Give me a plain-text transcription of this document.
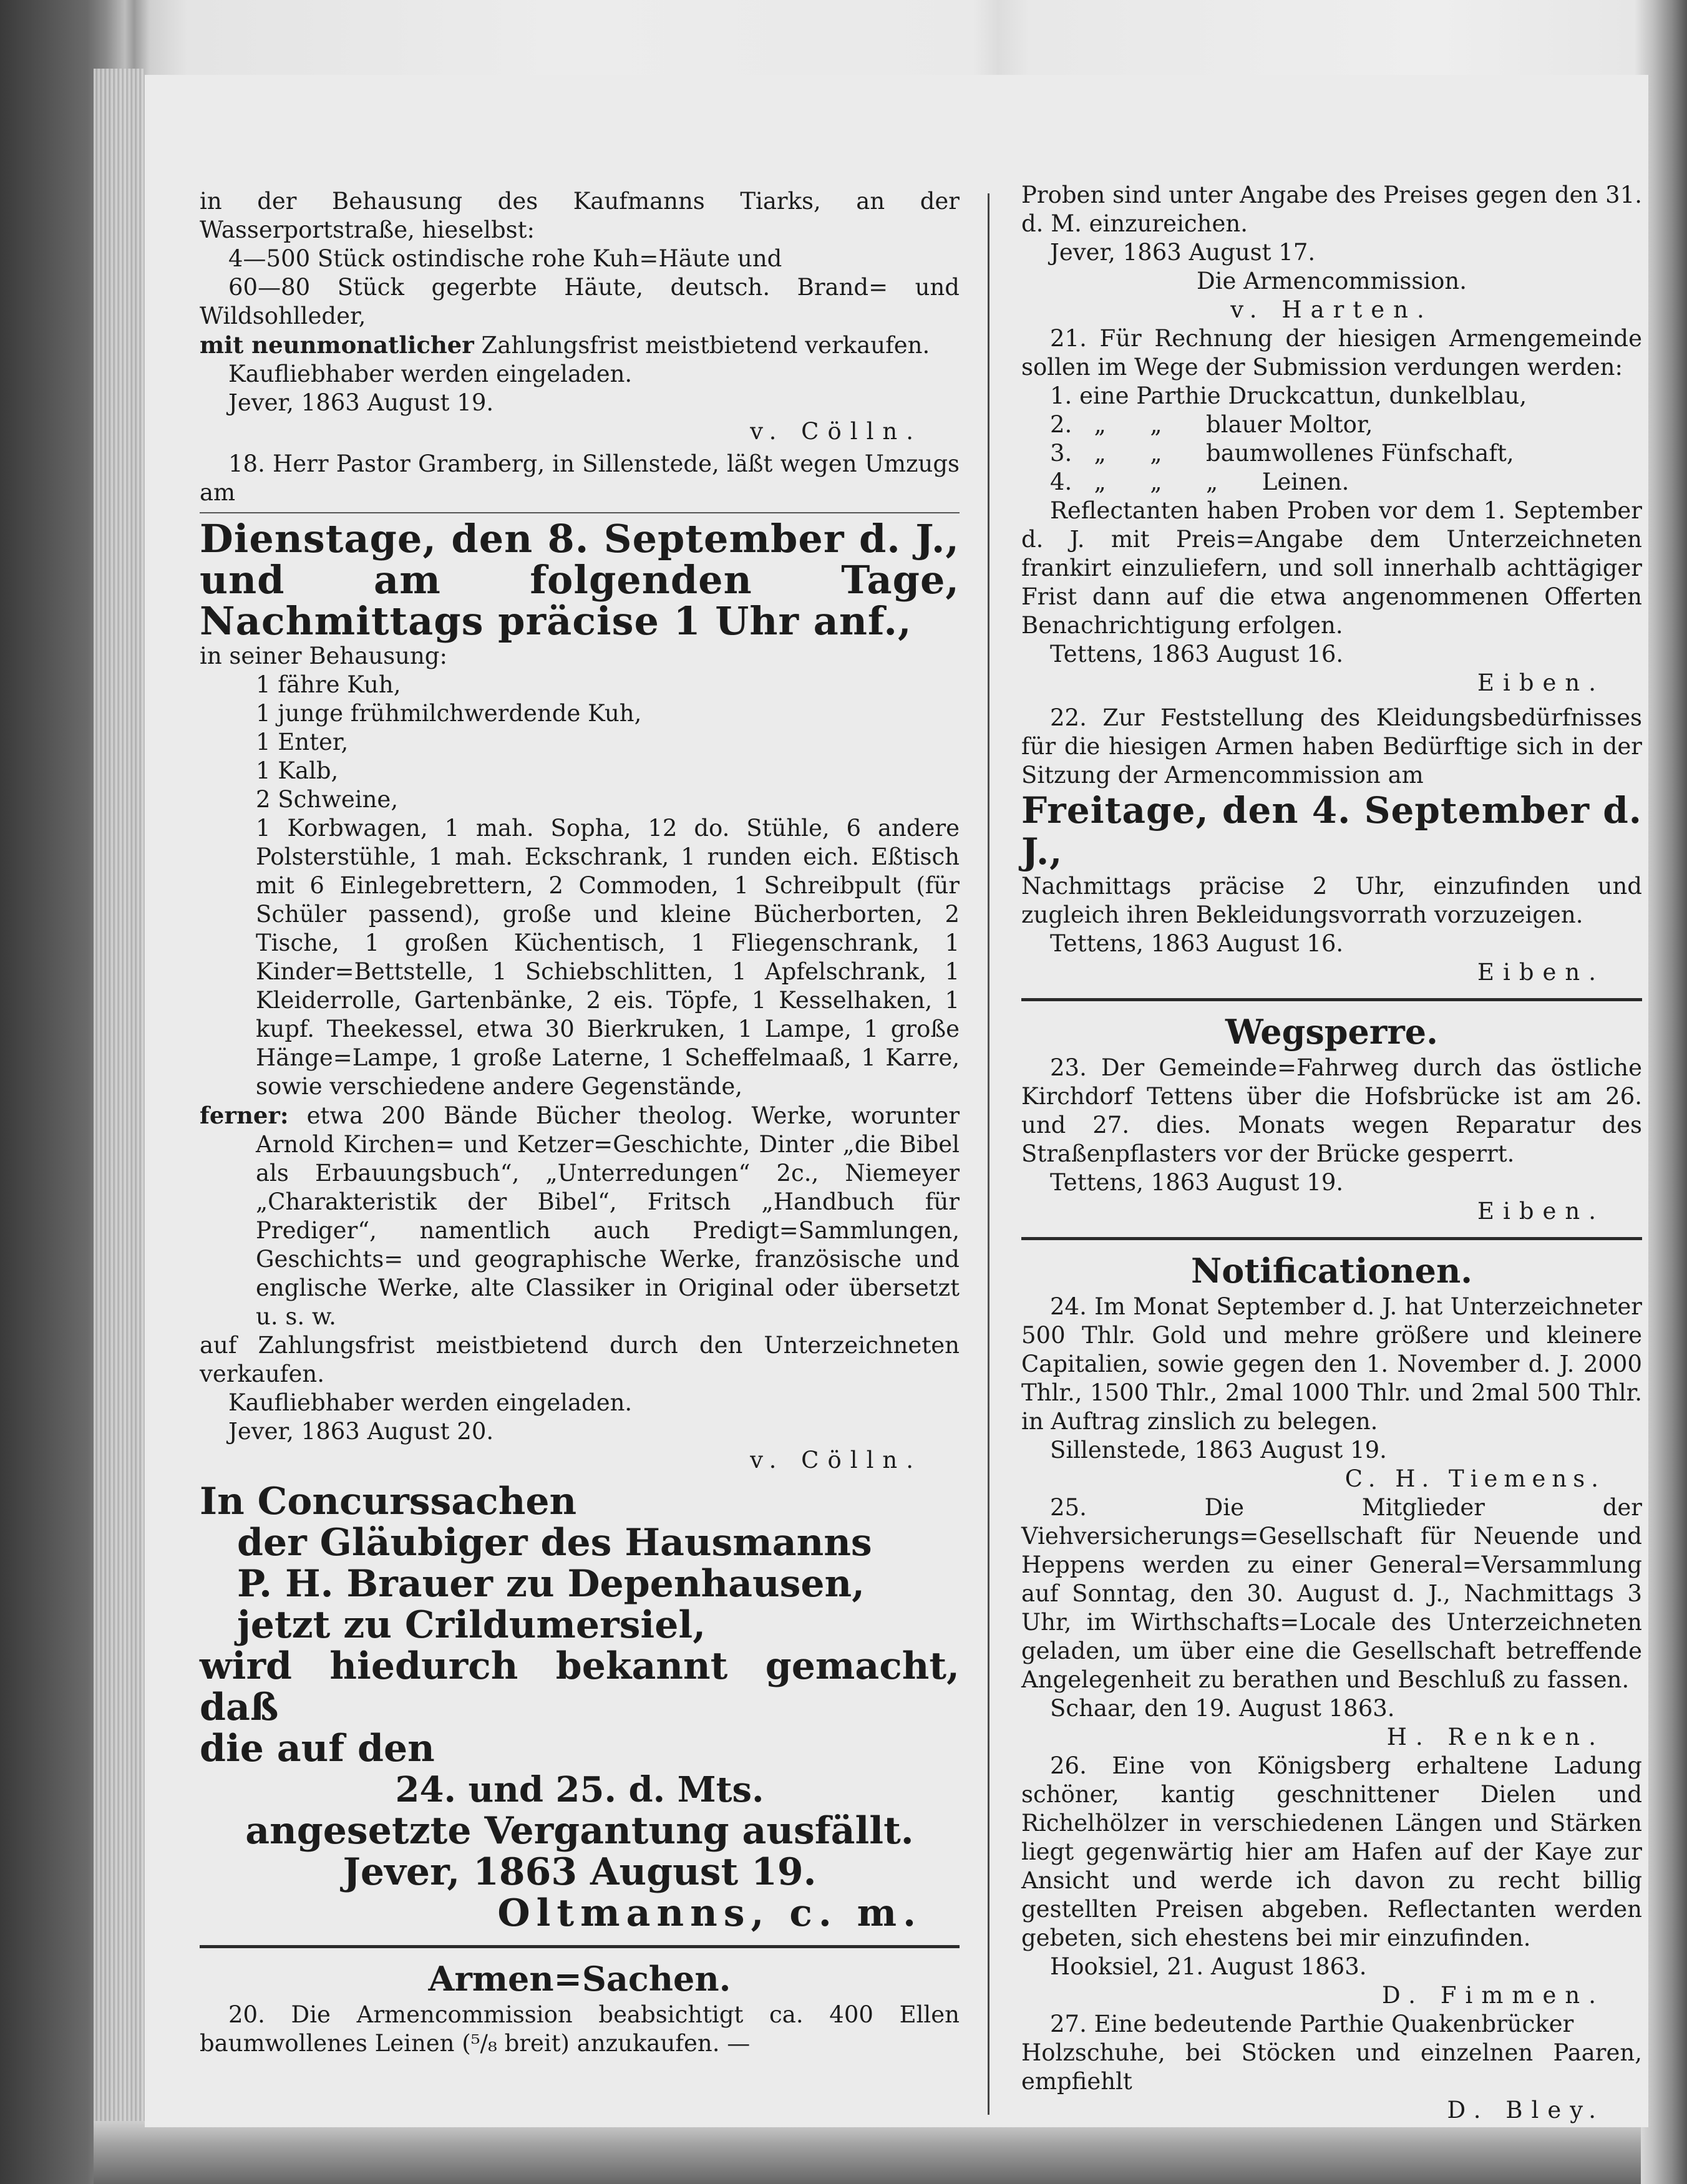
in der Behausung des Kaufmanns Tiarks, an der Wasserportstraße, hieselbst:

4—500 Stück ostindische rohe Kuh=Häute und

60—80 Stück gegerbte Häute, deutsch. Brand= und Wildsohlleder,

mit neunmonatlicher Zahlungsfrist meistbietend verkaufen.

Kaufliebhaber werden eingeladen.

Jever, 1863 August 19.

v. Cölln.

18. Herr Pastor Gramberg, in Sillenstede, läßt wegen Umzugs am

Dienstage, den 8. September d. J., und am folgenden Tage, Nachmittags präcise 1 Uhr anf.,

in seiner Behausung:

1 fähre Kuh,

1 junge frühmilchwerdende Kuh,

1 Enter,

1 Kalb,

2 Schweine,

1 Korbwagen, 1 mah. Sopha, 12 do. Stühle, 6 andere Polsterstühle, 1 mah. Eckschrank, 1 runden eich. Eßtisch mit 6 Einlegebrettern, 2 Commoden, 1 Schreibpult (für Schüler passend), große und kleine Bücherborten, 2 Tische, 1 großen Küchentisch, 1 Fliegenschrank, 1 Kinder=Bettstelle, 1 Schiebschlitten, 1 Apfelschrank, 1 Kleiderrolle, Gartenbänke, 2 eis. Töpfe, 1 Kesselhaken, 1 kupf. Theekessel, etwa 30 Bierkruken, 1 Lampe, 1 große Hänge=Lampe, 1 große Laterne, 1 Scheffelmaaß, 1 Karre, sowie verschiedene andere Gegenstände,

ferner: etwa 200 Bände Bücher theolog. Werke, worunter Arnold Kirchen= und Ketzer=Geschichte, Dinter „die Bibel als Erbauungsbuch“, „Unterredungen“ 2c., Niemeyer „Charakteristik der Bibel“, Fritsch „Handbuch für Prediger“, namentlich auch Predigt=Sammlungen, Geschichts= und geographische Werke, französische und englische Werke, alte Classiker in Original oder übersetzt u. s. w.

auf Zahlungsfrist meistbietend durch den Unterzeichneten verkaufen.

Kaufliebhaber werden eingeladen.

Jever, 1863 August 20.

v. Cölln.

In Concurssachen

der Gläubiger des Hausmanns

P. H. Brauer zu Depenhausen,

jetzt zu Crildumersiel,

wird hiedurch bekannt gemacht, daß

die auf den

24. und 25. d. Mts.

angesetzte Vergantung ausfällt.

Jever, 1863 August 19.

Oltmanns, c. m.

Armen=Sachen.

20. Die Armencommission beabsichtigt ca. 400 Ellen baumwollenes Leinen (⁵/₈ breit) anzukaufen. —

Proben sind unter Angabe des Preises gegen den 31. d. M. einzureichen.

Jever, 1863 August 17.

Die Armencommission.

v. Harten.

21. Für Rechnung der hiesigen Armengemeinde sollen im Wege der Submission verdungen werden:

1. eine Parthie Druckcattun, dunkelblau,

2.   „      „      blauer Moltor,

3.   „      „      baumwollenes Fünfschaft,

4.   „      „      „      Leinen.

Reflectanten haben Proben vor dem 1. September d. J. mit Preis=Angabe dem Unterzeichneten frankirt einzuliefern, und soll innerhalb achttägiger Frist dann auf die etwa angenommenen Offerten Benachrichtigung erfolgen.

Tettens, 1863 August 16.

Eiben.

22. Zur Feststellung des Kleidungsbedürfnisses für die hiesigen Armen haben Bedürftige sich in der Sitzung der Armencommission am

Freitage, den 4. September d. J.,

Nachmittags präcise 2 Uhr, einzufinden und zugleich ihren Bekleidungsvorrath vorzuzeigen.

Tettens, 1863 August 16.

Eiben.

Wegsperre.

23. Der Gemeinde=Fahrweg durch das östliche Kirchdorf Tettens über die Hofsbrücke ist am 26. und 27. dies. Monats wegen Reparatur des Straßenpflasters vor der Brücke gesperrt.

Tettens, 1863 August 19.

Eiben.

Notificationen.

24. Im Monat September d. J. hat Unterzeichneter 500 Thlr. Gold und mehre größere und kleinere Capitalien, sowie gegen den 1. November d. J. 2000 Thlr., 1500 Thlr., 2mal 1000 Thlr. und 2mal 500 Thlr. in Auftrag zinslich zu belegen.

Sillenstede, 1863 August 19.

C. H. Tiemens.

25. Die Mitglieder der Viehversicherungs=Gesellschaft für Neuende und Heppens werden zu einer General=Versammlung auf Sonntag, den 30. August d. J., Nachmittags 3 Uhr, im Wirthschafts=Locale des Unterzeichneten geladen, um über eine die Gesellschaft betreffende Angelegenheit zu berathen und Beschluß zu fassen.

Schaar, den 19. August 1863.

H. Renken.

26. Eine von Königsberg erhaltene Ladung schöner, kantig geschnittener Dielen und Richelhölzer in verschiedenen Längen und Stärken liegt gegenwärtig hier am Hafen auf der Kaye zur Ansicht und werde ich davon zu recht billig gestellten Preisen abgeben. Reflectanten werden gebeten, sich ehestens bei mir einzufinden.

Hooksiel, 21. August 1863.

D. Fimmen.

27. Eine bedeutende Parthie Quakenbrücker

Holzschuhe, bei Stöcken und einzelnen Paaren, empfiehlt

D. Bley.
